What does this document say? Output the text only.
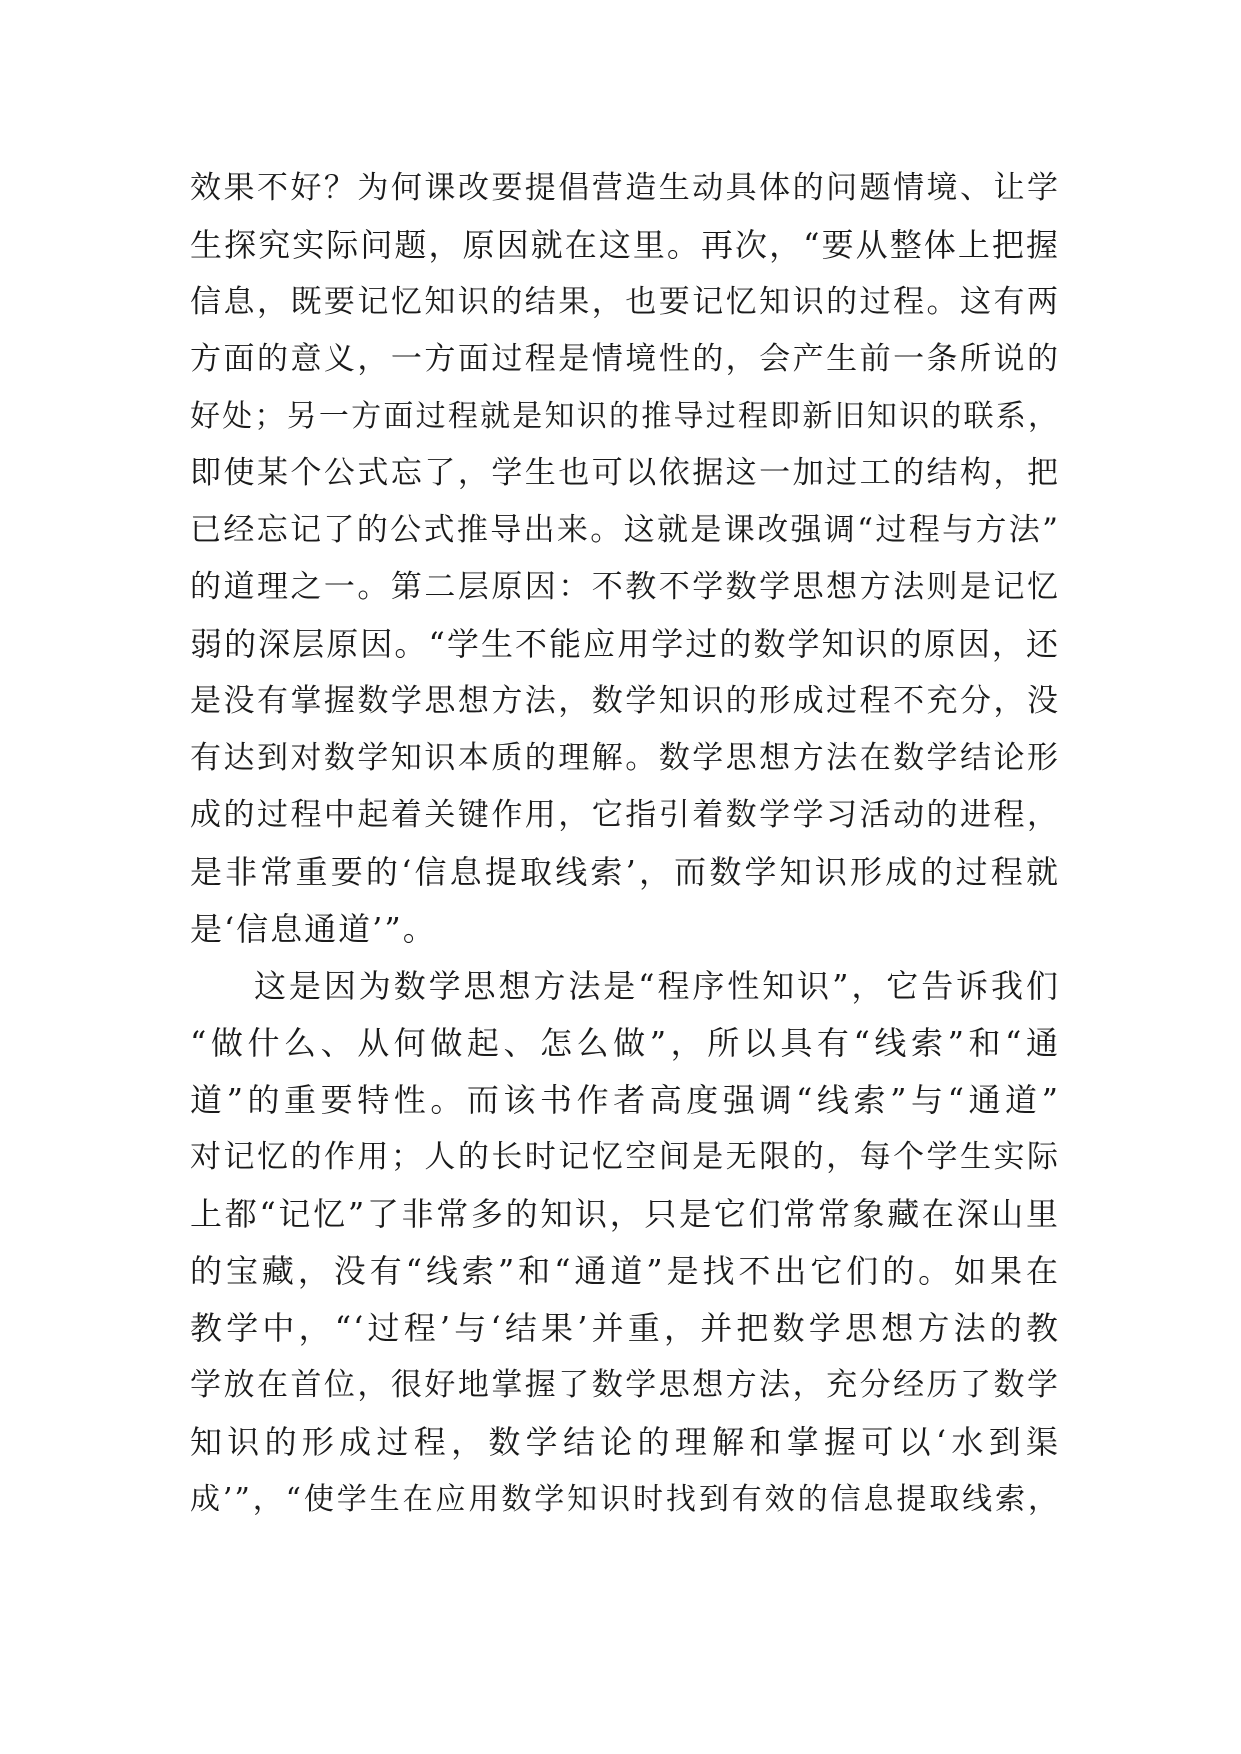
效果不好？为何课改要提倡营造生动具体的问题情境、让学
生探究实际问题，原因就在这里。再次，“要从整体上把握
信息，既要记忆知识的结果，也要记忆知识的过程。这有两
方面的意义，一方面过程是情境性的，会产生前一条所说的
好处；另一方面过程就是知识的推导过程即新旧知识的联系，
即使某个公式忘了，学生也可以依据这一加过工的结构，把
已经忘记了的公式推导出来。这就是课改强调“过程与方法”
的道理之一。第二层原因：不教不学数学思想方法则是记忆
弱的深层原因。“学生不能应用学过的数学知识的原因，还
是没有掌握数学思想方法，数学知识的形成过程不充分，没
有达到对数学知识本质的理解。数学思想方法在数学结论形
成的过程中起着关键作用，它指引着数学学习活动的进程，
是非常重要的‘信息提取线索’，而数学知识形成的过程就
是‘信息通道’”。
这是因为数学思想方法是“程序性知识”，它告诉我们
“做什么、从何做起、怎么做”，所以具有“线索”和“通
道”的重要特性。而该书作者高度强调“线索”与“通道”
对记忆的作用；人的长时记忆空间是无限的，每个学生实际
上都“记忆”了非常多的知识，只是它们常常象藏在深山里
的宝藏，没有“线索”和“通道”是找不出它们的。如果在
教学中，“‘过程’与‘结果’并重，并把数学思想方法的教
学放在首位，很好地掌握了数学思想方法，充分经历了数学
知识的形成过程，数学结论的理解和掌握可以‘水到渠
成’”，“使学生在应用数学知识时找到有效的信息提取线索，
